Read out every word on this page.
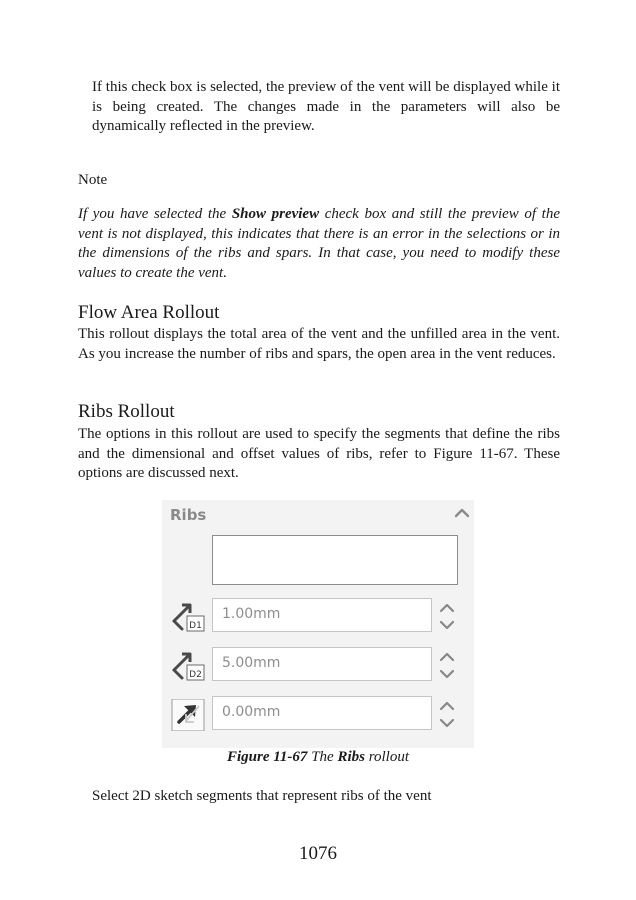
If this check box is selected, the preview of the vent will be displayed while it is being created. The changes made in the parameters will also be dynamically reflected in the preview.

Note

If you have selected the Show preview check box and still the preview of the vent is not displayed, this indicates that there is an error in the selections or in the dimensions of the ribs and spars. In that case, you need to modify these values to create the vent.

Flow Area Rollout

This rollout displays the total area of the vent and the unfilled area in the vent. As you increase the number of ribs and spars, the open area in the vent reduces.

Ribs Rollout

The options in this rollout are used to specify the segments that define the ribs and the dimensional and offset values of ribs, refer to Figure 11-67. These options are discussed next.

Ribs
D1
1.00mm
D2
5.00mm
0.00mm

Figure 11-67 The Ribs rollout

Select 2D sketch segments that represent ribs of the vent

1076
